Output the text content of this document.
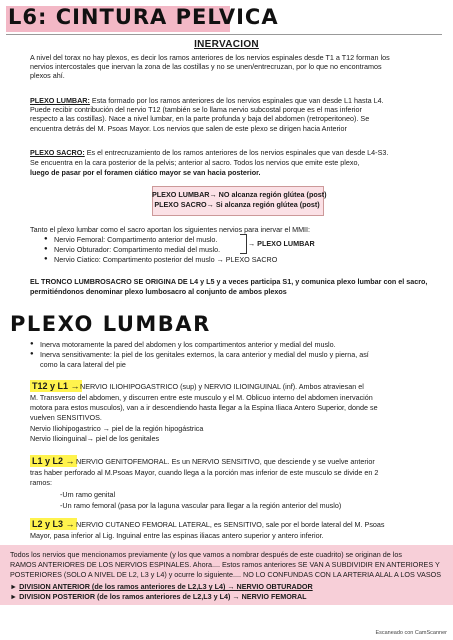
L6: CINTURA PELVICA
INERVACION
A nivel del torax no hay plexos, es decir los ramos anteriores de los nervios espinales desde T1 a T12 forman los
nervios intercostales que inervan la zona de las costillas y no se unen/entrecruzan, por lo que no encontramos
plexos ahí.
PLEXO LUMBAR: Esta formado por los ramos anteriores de los nervios espinales que van desde L1 hasta L4.
Puede recibir contribución del nervio T12 (también se lo llama nervio subcostal porque es el mas inferior
respecto a las costillas). Nace a nivel lumbar, en la parte profunda y baja del abdomen (retroperitoneo). Se
encuentra detrás del M. Psoas Mayor. Los nervios que salen de este plexo se dirigen hacia Anterior
PLEXO SACRO: Es el entrecruzamiento de los ramos anteriores de los nervios espinales que van desde L4-S3.
Se encuentra en la cara posterior de la pelvis; anterior al sacro. Todos los nervios que emite este plexo,
luego de pasar por el foramen ciático mayor se van hacia posterior.
PLEXO LUMBAR→ NO alcanza región glútea (post)
PLEXO SACRO→ Si alcanza región glútea (post)
Tanto el plexo lumbar como el sacro aportan los siguientes nervios para inervar el MMII:
● Nervio Femoral: Compartimento anterior del muslo.
● Nervio Obturador: Compartimento medial del muslo.
● Nervio Ciatico: Compartimento posterior del muslo → PLEXO SACRO
→ PLEXO LUMBAR
EL TRONCO LUMBROSACRO SE ORIGINA DE L4 y L5 y a veces participa S1, y comunica plexo lumbar con el sacro,
permitiéndonos denominar plexo lumbosacro al conjunto de ambos plexos
PLEXO LUMBAR
● Inerva motoramente la pared del abdomen y los compartimentos anterior y medial del muslo.
● Inerva sensitivamente: la piel de los genitales externos, la cara anterior y medial del muslo y pierna, así
como la cara lateral del pie
T12 y L1 → NERVIO ILIOHIPOGASTRICO (sup) y NERVIO ILIOINGUINAL (inf). Ambos atraviesan el
M. Transverso del abdomen, y discurren entre este musculo y el M. Oblicuo interno del abdomen inervación
motora para estos musculos), van a ir descendiendo hasta llegar a la Espina Iliaca Antero Superior, donde se
vuelven SENSITIVOS.
Nervio Iliohipogastrico → piel de la región hipogástrica
Nervio Ilioinguinal→ piel de los genitales
L1 y L2 → NERVIO GENITOFEMORAL. Es un NERVIO SENSITIVO, que desciende y se vuelve anterior
tras haber perforado al M.Psoas Mayor, cuando llega a la porción mas inferior de este musculo se divide en 2
ramos:
-Um ramo genital
-Un ramo femoral (pasa por la laguna vascular para llegar a la región anterior del muslo)
L2 y L3 → NERVIO CUTANEO FEMORAL LATERAL, es SENSITIVO, sale por el borde lateral del M. Psoas
Mayor, pasa inferior al Lig. Inguinal entre las espinas iliacas antero superior y antero inferior.
Todos los nervios que mencionamos previamente (y los que vamos a nombrar después de este cuadrito) se originan de los
RAMOS ANTERIORES DE LOS NERVIOS ESPINALES. Ahora.... Estos ramos anteriores SE VAN A SUBDIVIDIR EN ANTERIORES Y
POSTERIORES (SOLO A NIVEL DE L2, L3 y L4) y ocurre lo siguiente.... NO LO CONFUNDAS CON LA ARTERIA ALAL A LOS VASOS
► DIVISION ANTERIOR (de los ramos anteriores de L2,L3 y L4) → NERVIO OBTURADOR
► DIVISION POSTERIOR (de los ramos anteriores de L2,L3 y L4) → NERVIO FEMORAL
Escaneado con CamScanner
